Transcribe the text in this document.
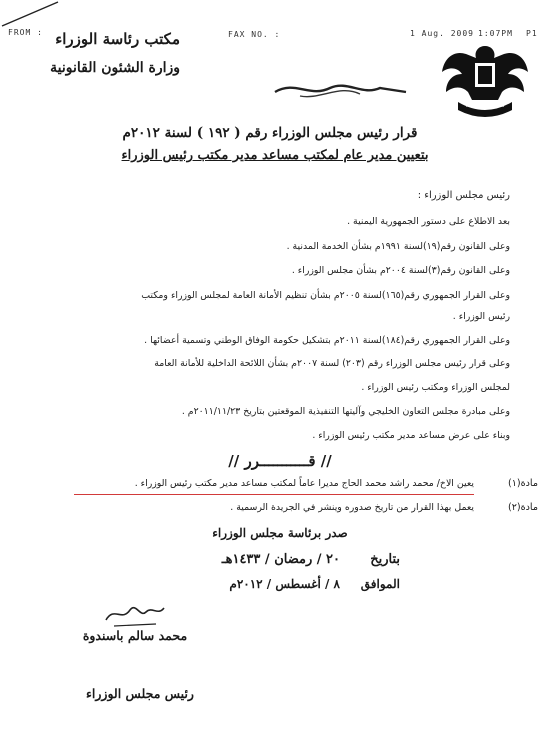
FROM :	FAX NO. :	1 Aug. 2009 1:07PM P1
مكتب رئاسة الوزراء
وزارة الشئون القانونية
قرار رئيس مجلس الوزراء رقم ( ١٩٢ ) لسنة ٢٠١٢م
بتعيين مدير عام لمكتب مساعد مدير مكتب رئيس الوزراء
رئيس مجلس الوزراء :
بعد الاطلاع على دستور الجمهورية اليمنية .
وعلى القانون رقم(١٩)لسنة ١٩٩١م بشأن الخدمة المدنية .
وعلى القانون رقم(٣)لسنة ٢٠٠٤م بشأن مجلس الوزراء .
وعلى القرار الجمهوري رقم(١٦٥)لسنة ٢٠٠٥م بشأن تنظيم الأمانة العامة لمجلس الوزراء ومكتب
رئيس الوزراء .
وعلى القرار الجمهوري رقم(١٨٤)لسنة ٢٠١١م بتشكيل حكومة الوفاق الوطني وتسمية أعضائها .
وعلى قرار رئيس مجلس الوزراء رقم (٢٠٣) لسنة ٢٠٠٧م بشأن اللائحة الداخلية للأمانة العامة
لمجلس الوزراء ومكتب رئيس الوزراء .
وعلى مبادرة مجلس التعاون الخليجي وآليتها التنفيذية الموقعتين بتاريخ ٢٠١١/١١/٢٣م .
وبناء على عرض مساعد مدير مكتب رئيس الوزراء .
// قـــــــــــرر //
مادة(١)
يعين الاخ/ محمد راشد محمد الحاج مديرا عاماً لمكتب مساعد مدير مكتب رئيس الوزراء .
مادة(٢)
يعمل بهذا القرار من تاريخ صدوره وينشر في الجريدة الرسمية .
صدر برئاسة مجلس الوزراء
بتاريخ
٢٠ / رمضان / ١٤٣٣هـ
الموافق
٨ / أغسطس / ٢٠١٢م
محمد سالم باسندوة
رئيس مجلس الوزراء
